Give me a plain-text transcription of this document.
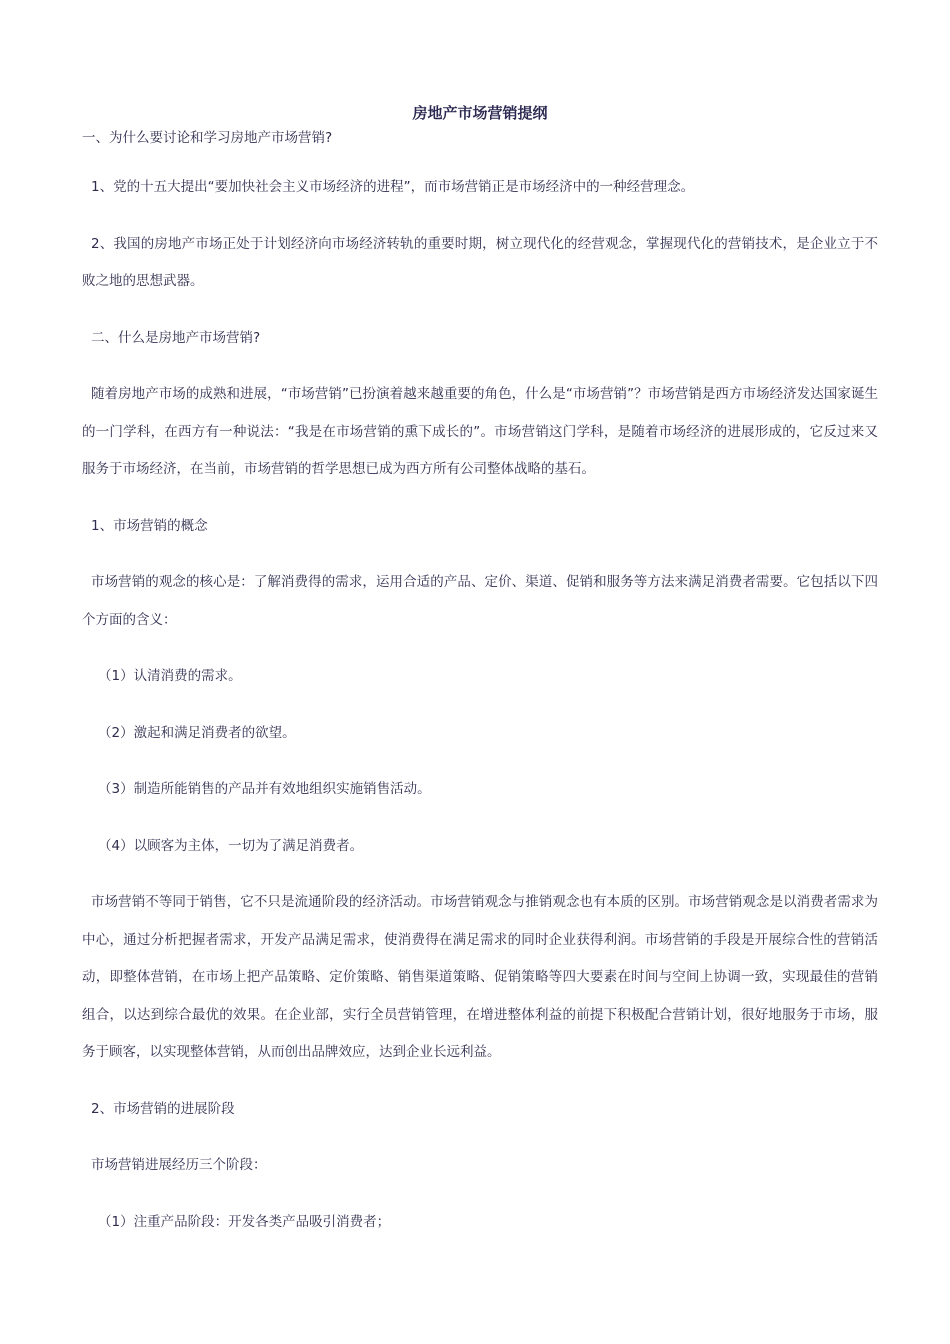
房地产市场营销提纲

一、为什么要讨论和学习房地产市场营销?

1、党的十五大提出“要加快社会主义市场经济的进程”，而市场营销正是市场经济中的一种经营理念。

2、我国的房地产市场正处于计划经济向市场经济转轨的重要时期，树立现代化的经营观念，掌握现代化的营销技术，是企业立于不败之地的思想武器。

二、什么是房地产市场营销?

随着房地产市场的成熟和进展，“市场营销”已扮演着越来越重要的角色，什么是“市场营销”？市场营销是西方市场经济发达国家诞生的一门学科，在西方有一种说法：“我是在市场营销的熏下成长的”。市场营销这门学科，是随着市场经济的进展形成的，它反过来又服务于市场经济，在当前，市场营销的哲学思想已成为西方所有公司整体战略的基石。

1、市场营销的概念

市场营销的观念的核心是：了解消费得的需求，运用合适的产品、定价、渠道、促销和服务等方法来满足消费者需要。它包括以下四个方面的含义：

（1）认清消费的需求。

（2）激起和满足消费者的欲望。

（3）制造所能销售的产品并有效地组织实施销售活动。

（4）以顾客为主体，一切为了满足消费者。

市场营销不等同于销售，它不只是流通阶段的经济活动。市场营销观念与推销观念也有本质的区别。市场营销观念是以消费者需求为中心，通过分析把握者需求，开发产品满足需求，使消费得在满足需求的同时企业获得利润。市场营销的手段是开展综合性的营销活动，即整体营销，在市场上把产品策略、定价策略、销售渠道策略、促销策略等四大要素在时间与空间上协调一致，实现最佳的营销组合，以达到综合最优的效果。在企业部，实行全员营销管理，在增进整体利益的前提下积极配合营销计划，很好地服务于市场，服务于顾客，以实现整体营销，从而创出品牌效应，达到企业长远利益。

2、市场营销的进展阶段

市场营销进展经历三个阶段：

（1）注重产品阶段：开发各类产品吸引消费者；
